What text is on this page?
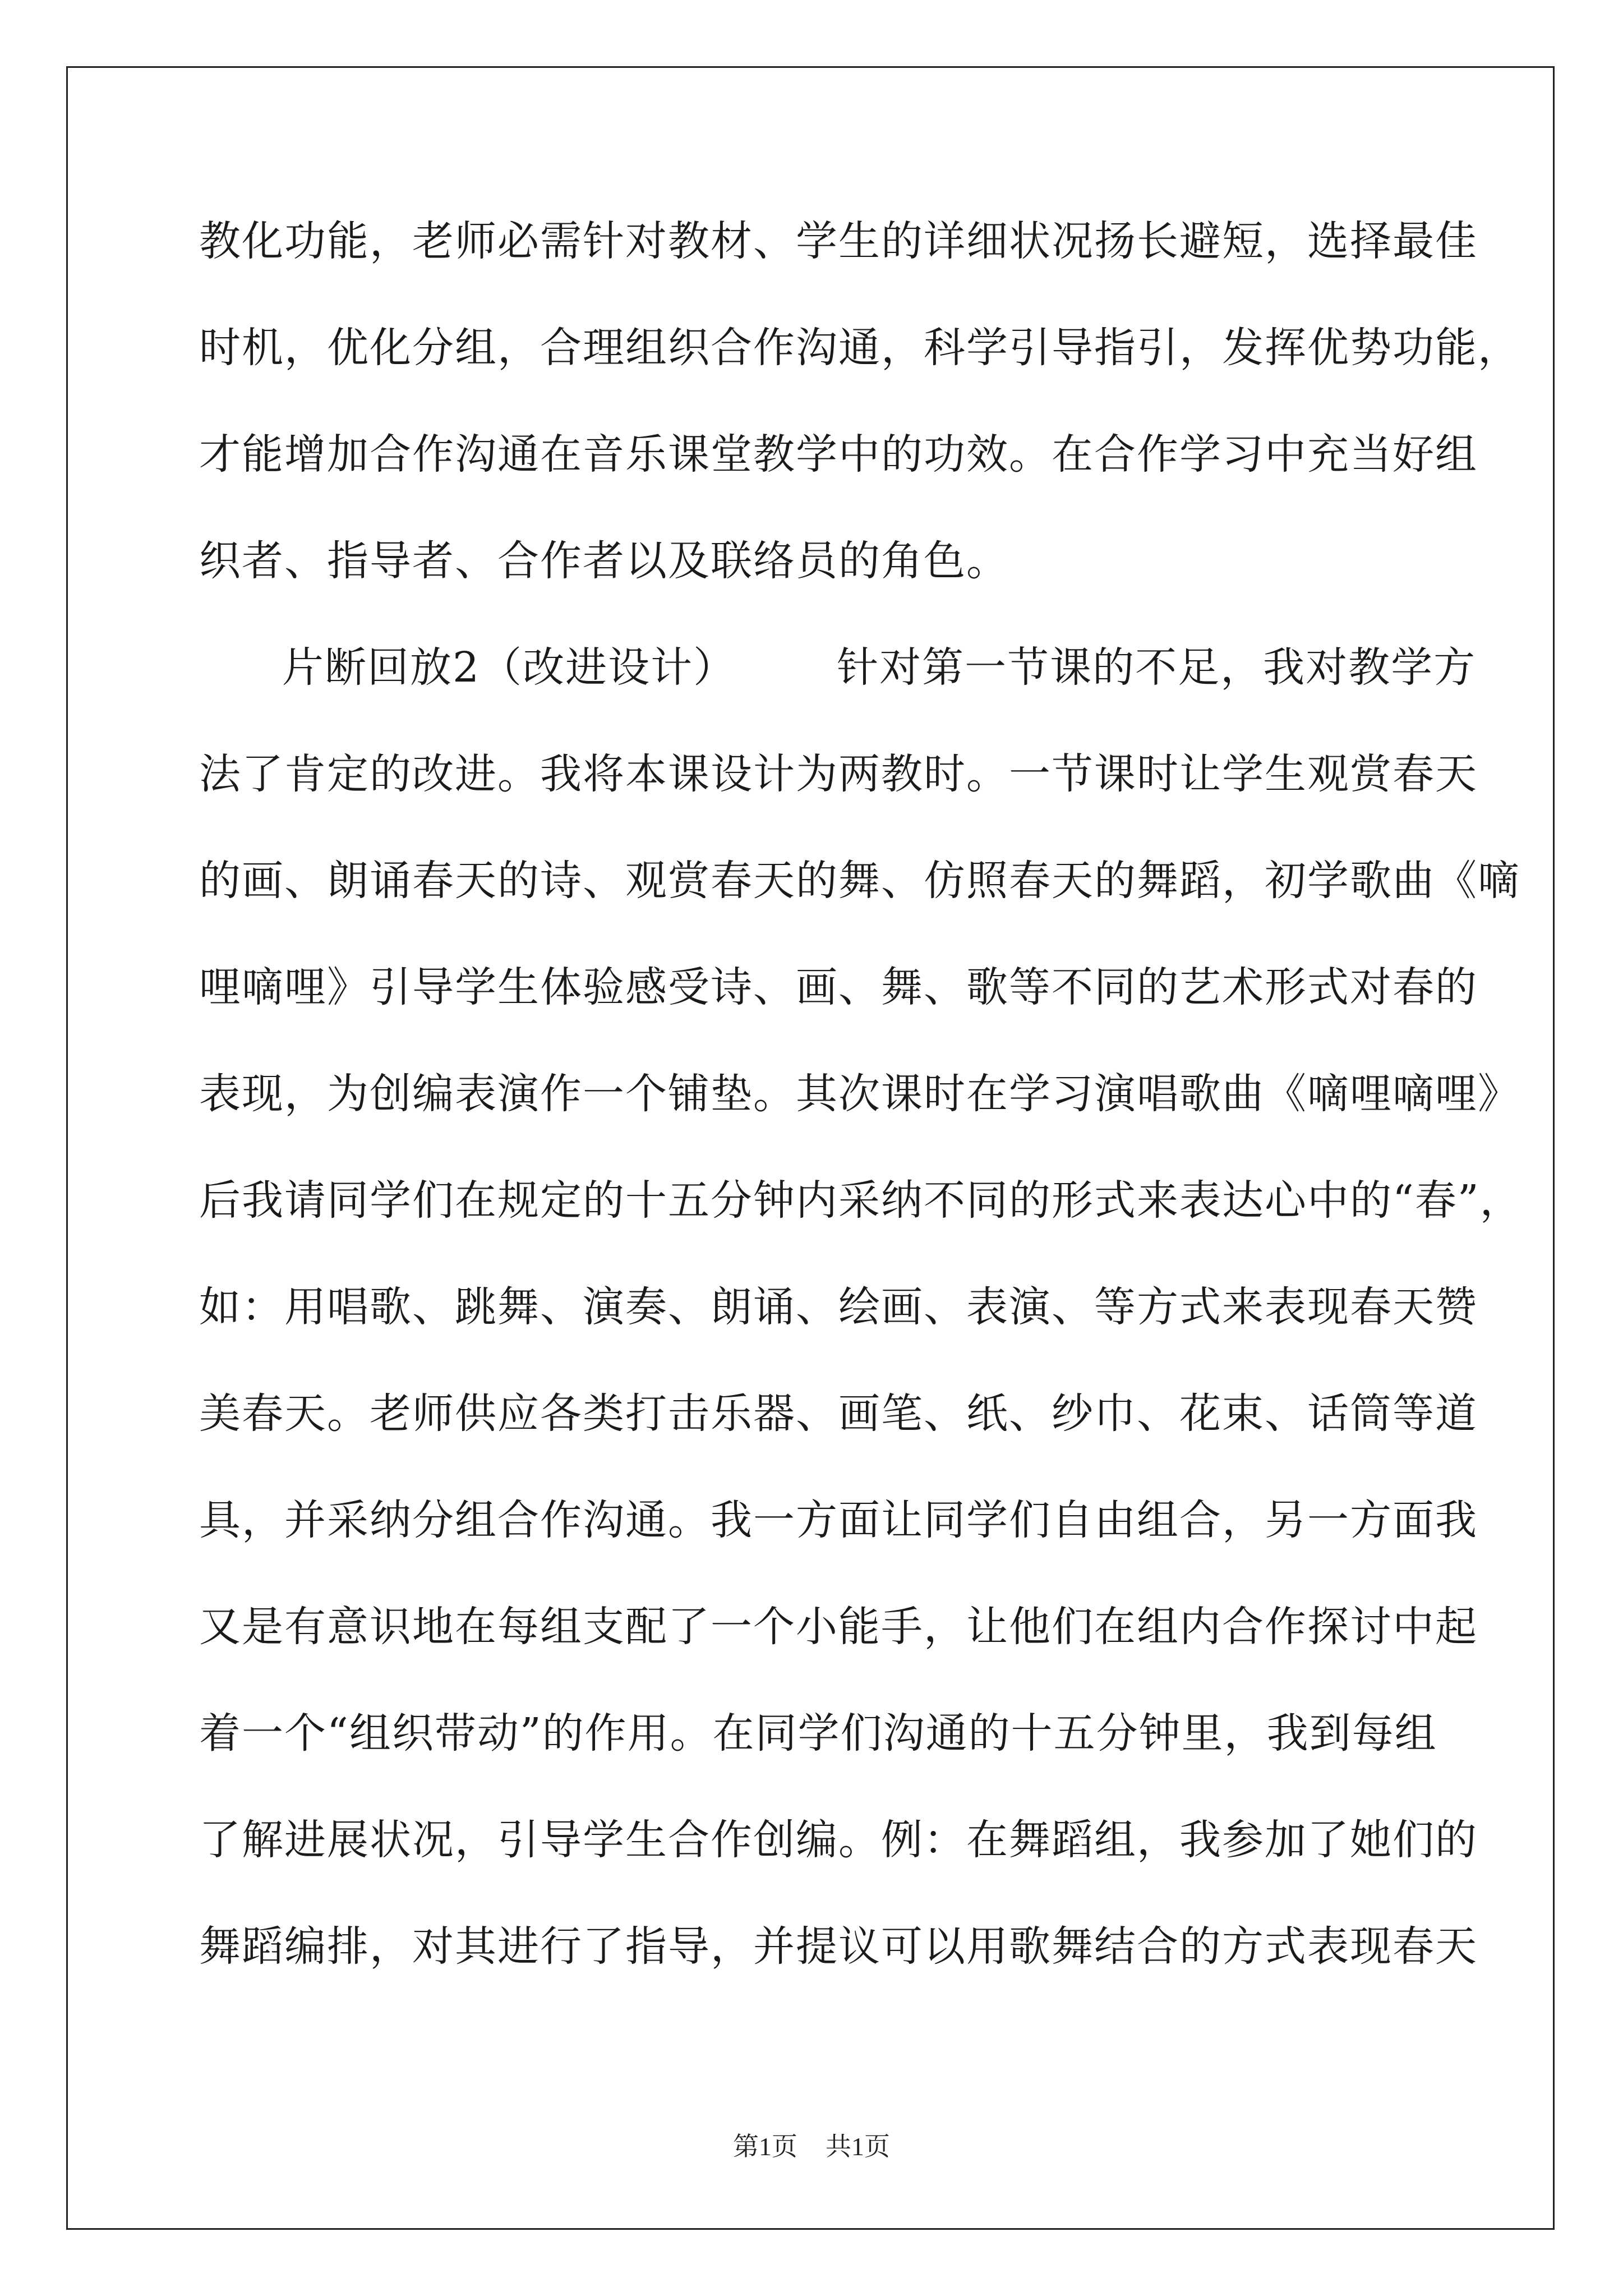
教化功能，老师必需针对教材、学生的详细状况扬长避短，选择最佳
时机，优化分组，合理组织合作沟通，科学引导指引，发挥优势功能，
才能增加合作沟通在音乐课堂教学中的功效。在合作学习中充当好组
织者、指导者、合作者以及联络员的角色。
片断回放2（改进设计） 针对第一节课的不足，我对教学方
法了肯定的改进。我将本课设计为两教时。一节课时让学生观赏春天
的画、朗诵春天的诗、观赏春天的舞、仿照春天的舞蹈，初学歌曲《嘀
哩嘀哩》引导学生体验感受诗、画、舞、歌等不同的艺术形式对春的
表现，为创编表演作一个铺垫。其次课时在学习演唱歌曲《嘀哩嘀哩》
后我请同学们在规定的十五分钟内采纳不同的形式来表达心中的“春”，
如：用唱歌、跳舞、演奏、朗诵、绘画、表演、等方式来表现春天赞
美春天。老师供应各类打击乐器、画笔、纸、纱巾、花束、话筒等道
具，并采纳分组合作沟通。我一方面让同学们自由组合，另一方面我
又是有意识地在每组支配了一个小能手，让他们在组内合作探讨中起
着一个“组织带动”的作用。在同学们沟通的十五分钟里，我到每组
了解进展状况，引导学生合作创编。例：在舞蹈组，我参加了她们的
舞蹈编排，对其进行了指导，并提议可以用歌舞结合的方式表现春天
第1页 共1页
